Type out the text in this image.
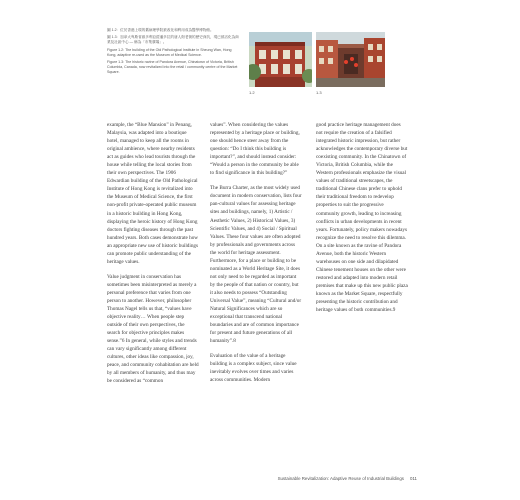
圖 1.2：位於香港上環的舊病理學院被改化和利用成為醫學博物館。

圖 1.3：加拿大卑斯省維多利亞經潘多拉的唐人街老街的歷史深坑，現已被活化為商業及社區中心 — 稱為「市集廣場」。

Figure 1.2: The building of the Old Pathological Institute in Sheung Wan, Hong Kong, adaptive re-used as the Museum of Medical Science.

Figure 1.3: The historic ravine of Pandora Avenue, Chinatown of Victoria, British Columbia, Canada, now revitalized into the retail / community centre of the Market Square.

1.2	1.3

example, the “Blue Mansion” in Penang, Malaysia, was adapted into a boutique hotel, managed to keep all the rooms in original ambience, where nearby residents act as guides who lead tourists through the house while telling the local stories from their own perspectives. The 1906 Edwardian building of the Old Pathological Institute of Hong Kong is revitalized into the Museum of Medical Science, the first non-profit private-operated public museum in a historic building in Hong Kong, displaying the heroic history of Hong Kong doctors fighting diseases through the past hundred years. Both cases demonstrate how an appropriate new use of historic buildings can promote public understanding of the heritage values.

Value judgment in conservation has sometimes been misinterpreted as merely a personal preference that varies from one person to another. However, philosopher Thomas Nagel tells us that, “values have objective reality… When people step outside of their own perspectives, the search for objective principles makes sense.”6 In general, while styles and trends can vary significantly among different cultures, other ideas like compassion, joy, peace, and community cohabitation are held by all members of humanity, and thus may be considered as “common

values”. When considering the values represented by a heritage place or building, one should hence steer away from the question: “Do I think this building is important?”, and should instead consider: “Would a person in the community be able to find significance in this building?”

The Burra Charter, as the most widely used document in modern conservation, lists four pan-cultural values for assessing heritage sites and buildings, namely, 1) Artistic / Aesthetic Values, 2) Historical Values, 3) Scientific Values, and 4) Social / Spiritual Values. These four values are often adopted by professionals and governments across the world for heritage assessment. Furthermore, for a place or building to be nominated as a World Heritage Site, it does not only need to be regarded as important by the people of that nation or country, but it also needs to possess “Outstanding Universal Value”, meaning “Cultural and/or Natural Significances which are so exceptional that transcend national boundaries and are of common importance for present and future generations of all humanity”.8

Evaluation of the value of a heritage building is a complex subject, since value inevitably evolves over times and varies across communities. Modern

good practice heritage management does not require the creation of a falsified integrated historic impression, but rather acknowledges the contemporary diverse but coexisting community. In the Chinatown of Victoria, British Columbia, while the Western professionals emphasize the visual values of traditional streetscapes, the traditional Chinese clans prefer to uphold their traditional freedom to redevelop properties to suit the progressive community growth, leading to increasing conflicts in urban developments in recent years. Fortunately, policy makers nowadays recognize the need to resolve this dilemma. On a site known as the ravine of Pandora Avenue, both the historic Western warehouses on one side and dilapidated Chinese tenement houses on the other were restored and adapted into modern retail premises that make up this new public plaza known as the Market Square, respectfully presenting the historic contribution and heritage values of both communities.9

Sustainable Revitalization: Adaptive Reuse of Industrial Buildings 011
